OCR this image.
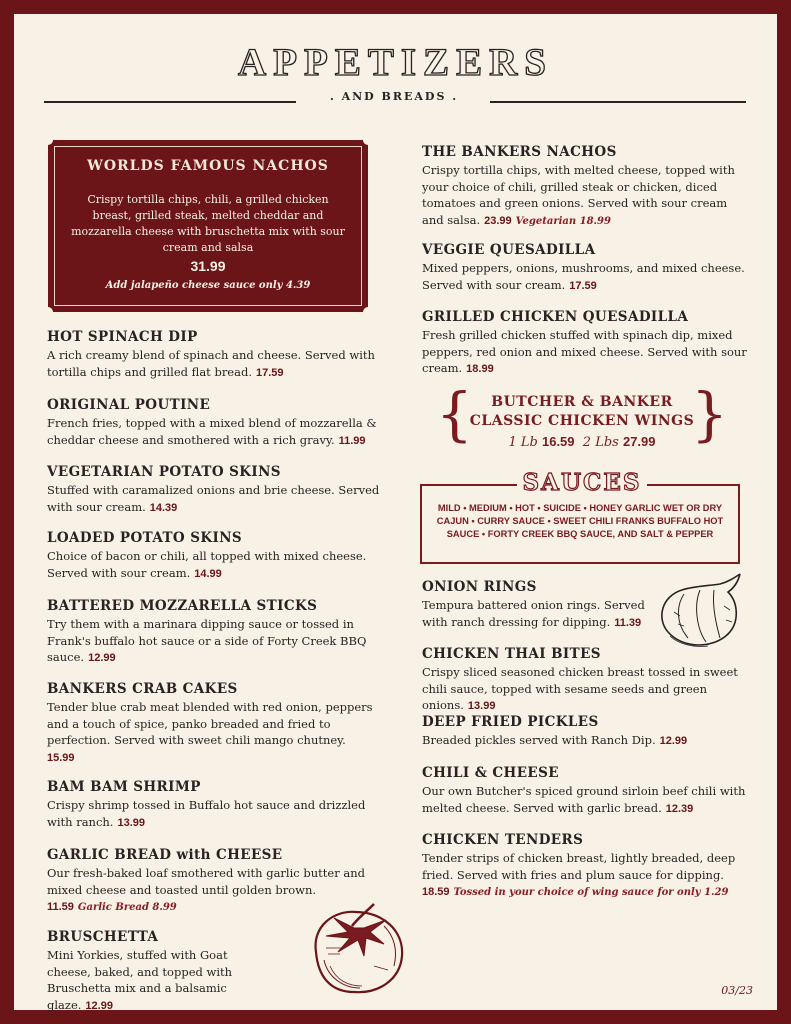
APPETIZERS
. AND BREADS .
WORLDS FAMOUS NACHOS
Crispy tortilla chips, chili, a grilled chicken breast, grilled steak, melted cheddar and mozzarella cheese with bruschetta mix with sour cream and salsa
31.99
Add jalapeño cheese sauce only 4.39
HOT SPINACH DIP
A rich creamy blend of spinach and cheese. Served with tortilla chips and grilled flat bread. 17.59
ORIGINAL POUTINE
French fries, topped with a mixed blend of mozzarella & cheddar cheese and smothered with a rich gravy. 11.99
VEGETARIAN POTATO SKINS
Stuffed with caramalized onions and brie cheese. Served with sour cream. 14.39
LOADED POTATO SKINS
Choice of bacon or chili, all topped with mixed cheese. Served with sour cream. 14.99
BATTERED MOZZARELLA STICKS
Try them with a marinara dipping sauce or tossed in Frank's buffalo hot sauce or a side of Forty Creek BBQ sauce. 12.99
BANKERS CRAB CAKES
Tender blue crab meat blended with red onion, peppers and a touch of spice, panko breaded and fried to perfection. Served with sweet chili mango chutney.
15.99
BAM BAM SHRIMP
Crispy shrimp tossed in Buffalo hot sauce and drizzled with ranch. 13.99
GARLIC BREAD with CHEESE
Our fresh-baked loaf smothered with garlic butter and mixed cheese and toasted until golden brown.
11.59 Garlic Bread 8.99
BRUSCHETTA
Mini Yorkies, stuffed with Goat cheese, baked, and topped with Bruschetta mix and a balsamic glaze. 12.99
THE BANKERS NACHOS
Crispy tortilla chips, with melted cheese, topped with your choice of chili, grilled steak or chicken, diced tomatoes and green onions. Served with sour cream and salsa. 23.99 Vegetarian 18.99
VEGGIE QUESADILLA
Mixed peppers, onions, mushrooms, and mixed cheese. Served with sour cream. 17.59
GRILLED CHICKEN QUESADILLA
Fresh grilled chicken stuffed with spinach dip, mixed peppers, red onion and mixed cheese. Served with sour cream. 18.99
{	}
BUTCHER & BANKER
CLASSIC CHICKEN WINGS
1 Lb 16.59 2 Lbs 27.99
SAUCES
MILD • MEDIUM • HOT • SUICIDE • HONEY GARLIC WET OR DRY CAJUN • CURRY SAUCE • SWEET CHILI FRANKS BUFFALO HOT SAUCE • FORTY CREEK BBQ SAUCE, AND SALT & PEPPER
ONION RINGS
Tempura battered onion rings. Served with ranch dressing for dipping. 11.39
CHICKEN THAI BITES
Crispy sliced seasoned chicken breast tossed in sweet chili sauce, topped with sesame seeds and green onions. 13.99
DEEP FRIED PICKLES
Breaded pickles served with Ranch Dip. 12.99
CHILI & CHEESE
Our own Butcher's spiced ground sirloin beef chili with melted cheese. Served with garlic bread. 12.39
CHICKEN TENDERS
Tender strips of chicken breast, lightly breaded, deep fried. Served with fries and plum sauce for dipping.
18.59 Tossed in your choice of wing sauce for only 1.29
03/23
